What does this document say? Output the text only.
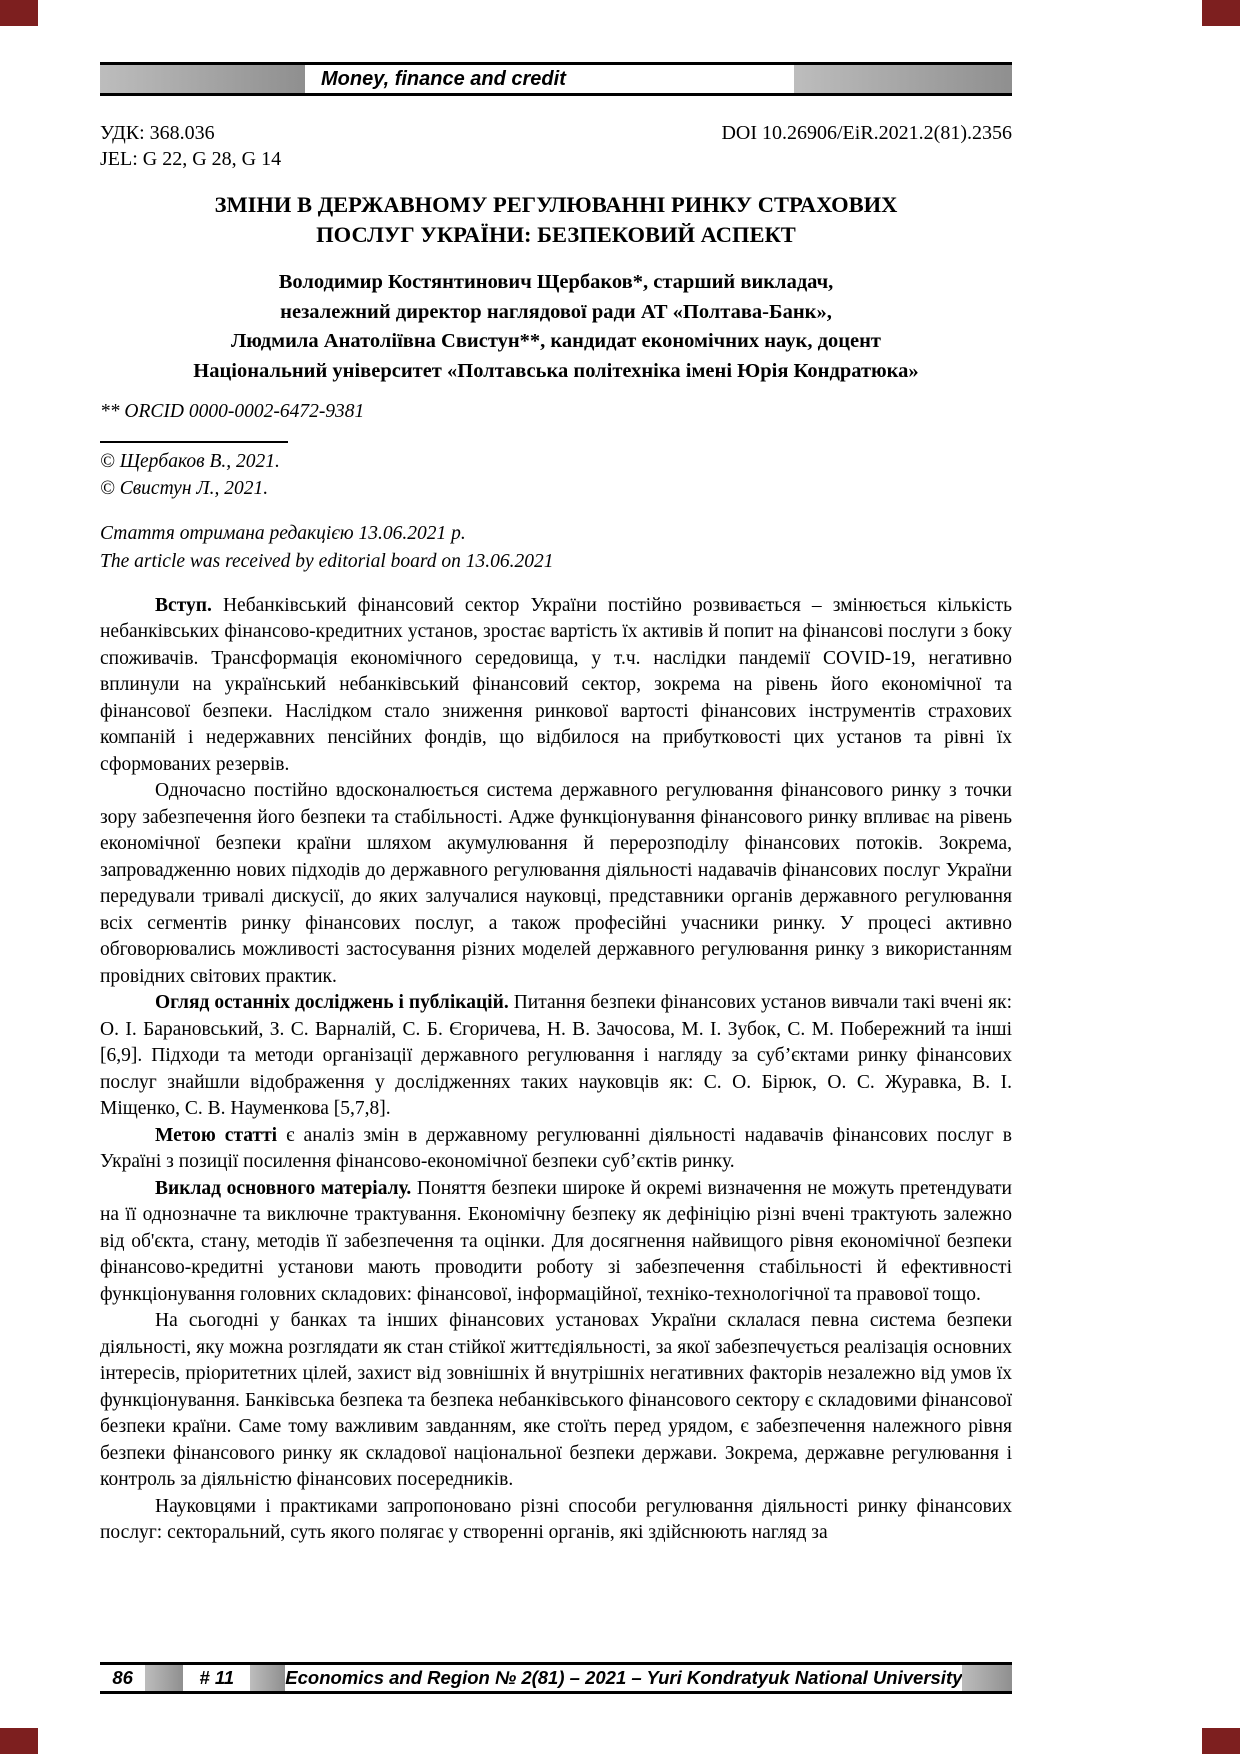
Money, finance and credit
УДК: 368.036
JEL: G 22, G 28, G 14
DOI 10.26906/EiR.2021.2(81).2356
ЗМІНИ В ДЕРЖАВНОМУ РЕГУЛЮВАННІ РИНКУ СТРАХОВИХ
ПОСЛУГ УКРАЇНИ: БЕЗПЕКОВИЙ АСПЕКТ
Володимир Костянтинович Щербаков*, старший викладач,
незалежний директор наглядової ради АТ «Полтава-Банк»,
Людмила Анатоліївна Свистун**, кандидат економічних наук, доцент
Національний університет «Полтавська політехніка імені Юрія Кондратюка»
** ORCID 0000-0002-6472-9381
© Щербаков В., 2021.
© Свистун Л., 2021.
Стаття отримана редакцією 13.06.2021 р.
The article was received by editorial board on 13.06.2021

Вступ. Небанківський фінансовий сектор України постійно розвивається – змінюється кількість небанківських фінансово-кредитних установ, зростає вартість їх активів й попит на фінансові послуги з боку споживачів. Трансформація економічного середовища, у т.ч. наслідки пандемії COVID-19, негативно вплинули на український небанківський фінансовий сектор, зокрема на рівень його економічної та фінансової безпеки. Наслідком стало зниження ринкової вартості фінансових інструментів страхових компаній і недержавних пенсійних фондів, що відбилося на прибутковості цих установ та рівні їх сформованих резервів.

Одночасно постійно вдосконалюється система державного регулювання фінансового ринку з точки зору забезпечення його безпеки та стабільності. Адже функціонування фінансового ринку впливає на рівень економічної безпеки країни шляхом акумулювання й перерозподілу фінансових потоків. Зокрема, запровадженню нових підходів до державного регулювання діяльності надавачів фінансових послуг України передували тривалі дискусії, до яких залучалися науковці, представники органів державного регулювання всіх сегментів ринку фінансових послуг, а також професійні учасники ринку. У процесі активно обговорювались можливості застосування різних моделей державного регулювання ринку з використанням провідних світових практик.

Огляд останніх досліджень і публікацій. Питання безпеки фінансових установ вивчали такі вчені як: О. І. Барановський, З. С. Варналій, С. Б. Єгоричева, Н. В. Зачосова, М. І. Зубок, С. М. Побережний та інші [6,9]. Підходи та методи організації державного регулювання і нагляду за суб’єктами ринку фінансових послуг знайшли відображення у дослідженнях таких науковців як: С. О. Бірюк, О. С. Журавка, В. І. Міщенко, С. В. Науменкова [5,7,8].

Метою статті є аналіз змін в державному регулюванні діяльності надавачів фінансових послуг в Україні з позиції посилення фінансово-економічної безпеки суб’єктів ринку.

Виклад основного матеріалу. Поняття безпеки широке й окремі визначення не можуть претендувати на її однозначне та виключне трактування. Економічну безпеку як дефініцію різні вчені трактують залежно від об'єкта, стану, методів її забезпечення та оцінки. Для досягнення найвищого рівня економічної безпеки фінансово-кредитні установи мають проводити роботу зі забезпечення стабільності й ефективності функціонування головних складових: фінансової, інформаційної, техніко-технологічної та правової тощо.

На сьогодні у банках та інших фінансових установах України склалася певна система безпеки діяльності, яку можна розглядати як стан стійкої життєдіяльності, за якої забезпечується реалізація основних інтересів, пріоритетних цілей, захист від зовнішніх й внутрішніх негативних факторів незалежно від умов їх функціонування. Банківська безпека та безпека небанківського фінансового сектору є складовими фінансової безпеки країни. Саме тому важливим завданням, яке стоїть перед урядом, є забезпечення належного рівня безпеки фінансового ринку як складової національної безпеки держави. Зокрема, державне регулювання і контроль за діяльністю фінансових посередників.

Науковцями і практиками запропоновано різні способи регулювання діяльності ринку фінансових послуг: секторальний, суть якого полягає у створенні органів, які здійснюють нагляд за

86	# 11	Economics and Region № 2(81) – 2021 – Yuri Kondratyuk National University
